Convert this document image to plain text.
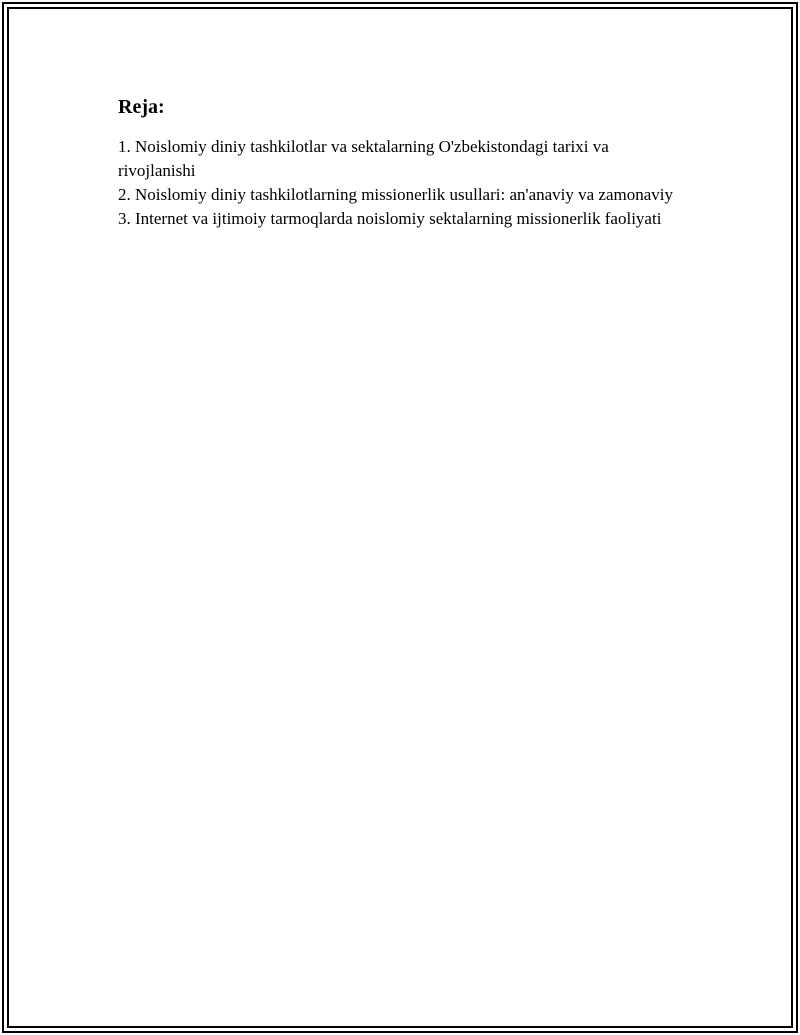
Reja:
1. Noislomiy diniy tashkilotlar va sektalarning O'zbekistondagi tarixi va rivojlanishi
2. Noislomiy diniy tashkilotlarning missionerlik usullari: an'anaviy va zamonaviy
3. Internet va ijtimoiy tarmoqlarda noislomiy sektalarning missionerlik faoliyati
